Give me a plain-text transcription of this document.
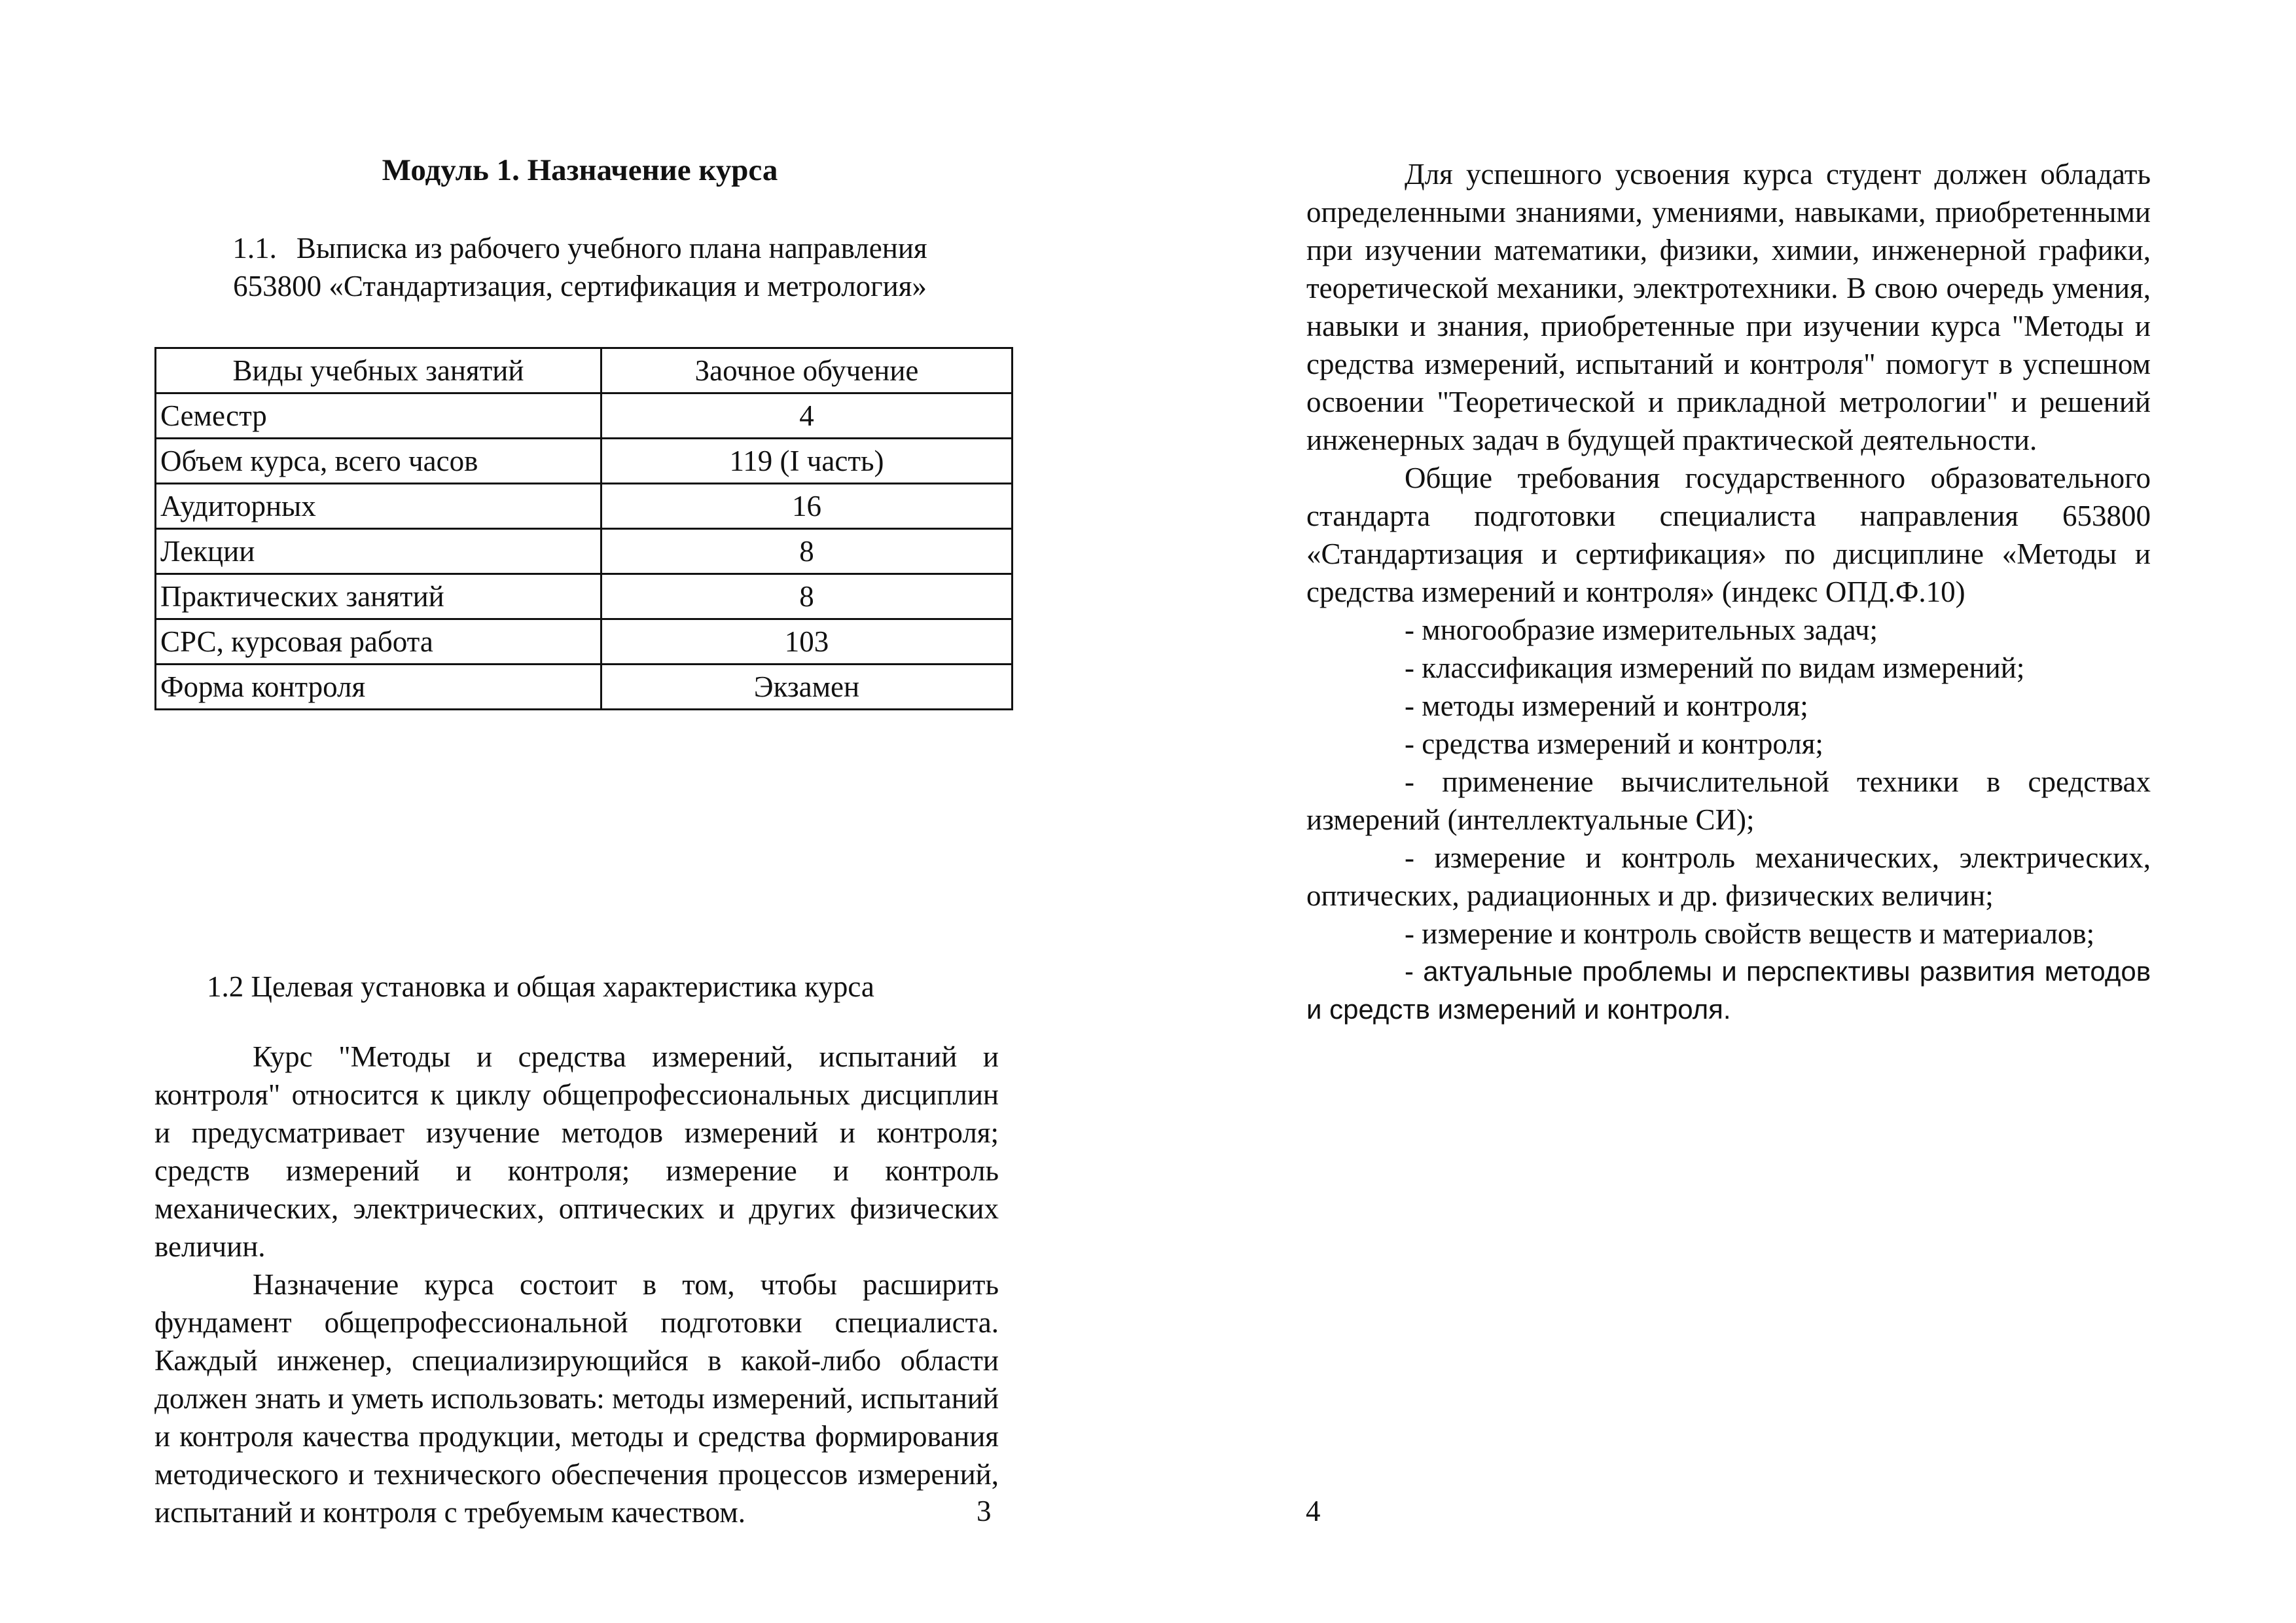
Модуль 1. Назначение курса
1.1. Выписка из рабочего учебного плана направления
653800 «Стандартизация, сертификация и метрология»
Виды учебных занятий	Заочное обучение
Семестр	4
Объем курса, всего часов	119 (I часть)
Аудиторных	16
Лекции	8
Практических занятий	8
СРС, курсовая работа	103
Форма контроля	Экзамен
1.2 Целевая установка и общая характеристика курса

Курс "Методы и средства измерений, испытаний и контроля" относится к циклу общепрофессиональных дисциплин и предусматривает изучение методов измерений и контроля; средств измерений и контроля; измерение и контроль механических, электрических, оптических и других физических величин.

Назначение курса состоит в том, чтобы расширить фундамент общепрофессиональной подготовки специалиста. Каждый инженер, специализирующийся в какой-либо области должен знать и уметь использовать: методы измерений, испытаний и контроля качества продукции, методы и средства формирования методического и технического обеспечения процессов измерений, испытаний и контроля с требуемым качеством.	3

Для успешного усвоения курса студент должен обладать определенными знаниями, умениями, навыками, приобретенными при изучении математики, физики, химии, инженерной графики, теоретической механики, электротехники. В свою очередь умения, навыки и знания, приобретенные при изучении курса "Методы и средства измерений, испытаний и контроля" помогут в успешном освоении "Теоретической и прикладной метрологии" и решений инженерных задач в будущей практической деятельности.

Общие требования государственного образовательного стандарта подготовки специалиста направления 653800 «Стандартизация и сертификация» по дисциплине «Методы и средства измерений и контроля» (индекс ОПД.Ф.10)

- многообразие измерительных задач;

- классификация измерений по видам измерений;

- методы измерений и контроля;

- средства измерений и контроля;

- применение вычислительной техники в средствах измерений (интеллектуальные СИ);

- измерение и контроль механических, электрических, оптических, радиационных и др. физических величин;

- измерение и контроль свойств веществ и материалов;

- актуальные проблемы и перспективы развития методов и средств измерений и контроля.

4
